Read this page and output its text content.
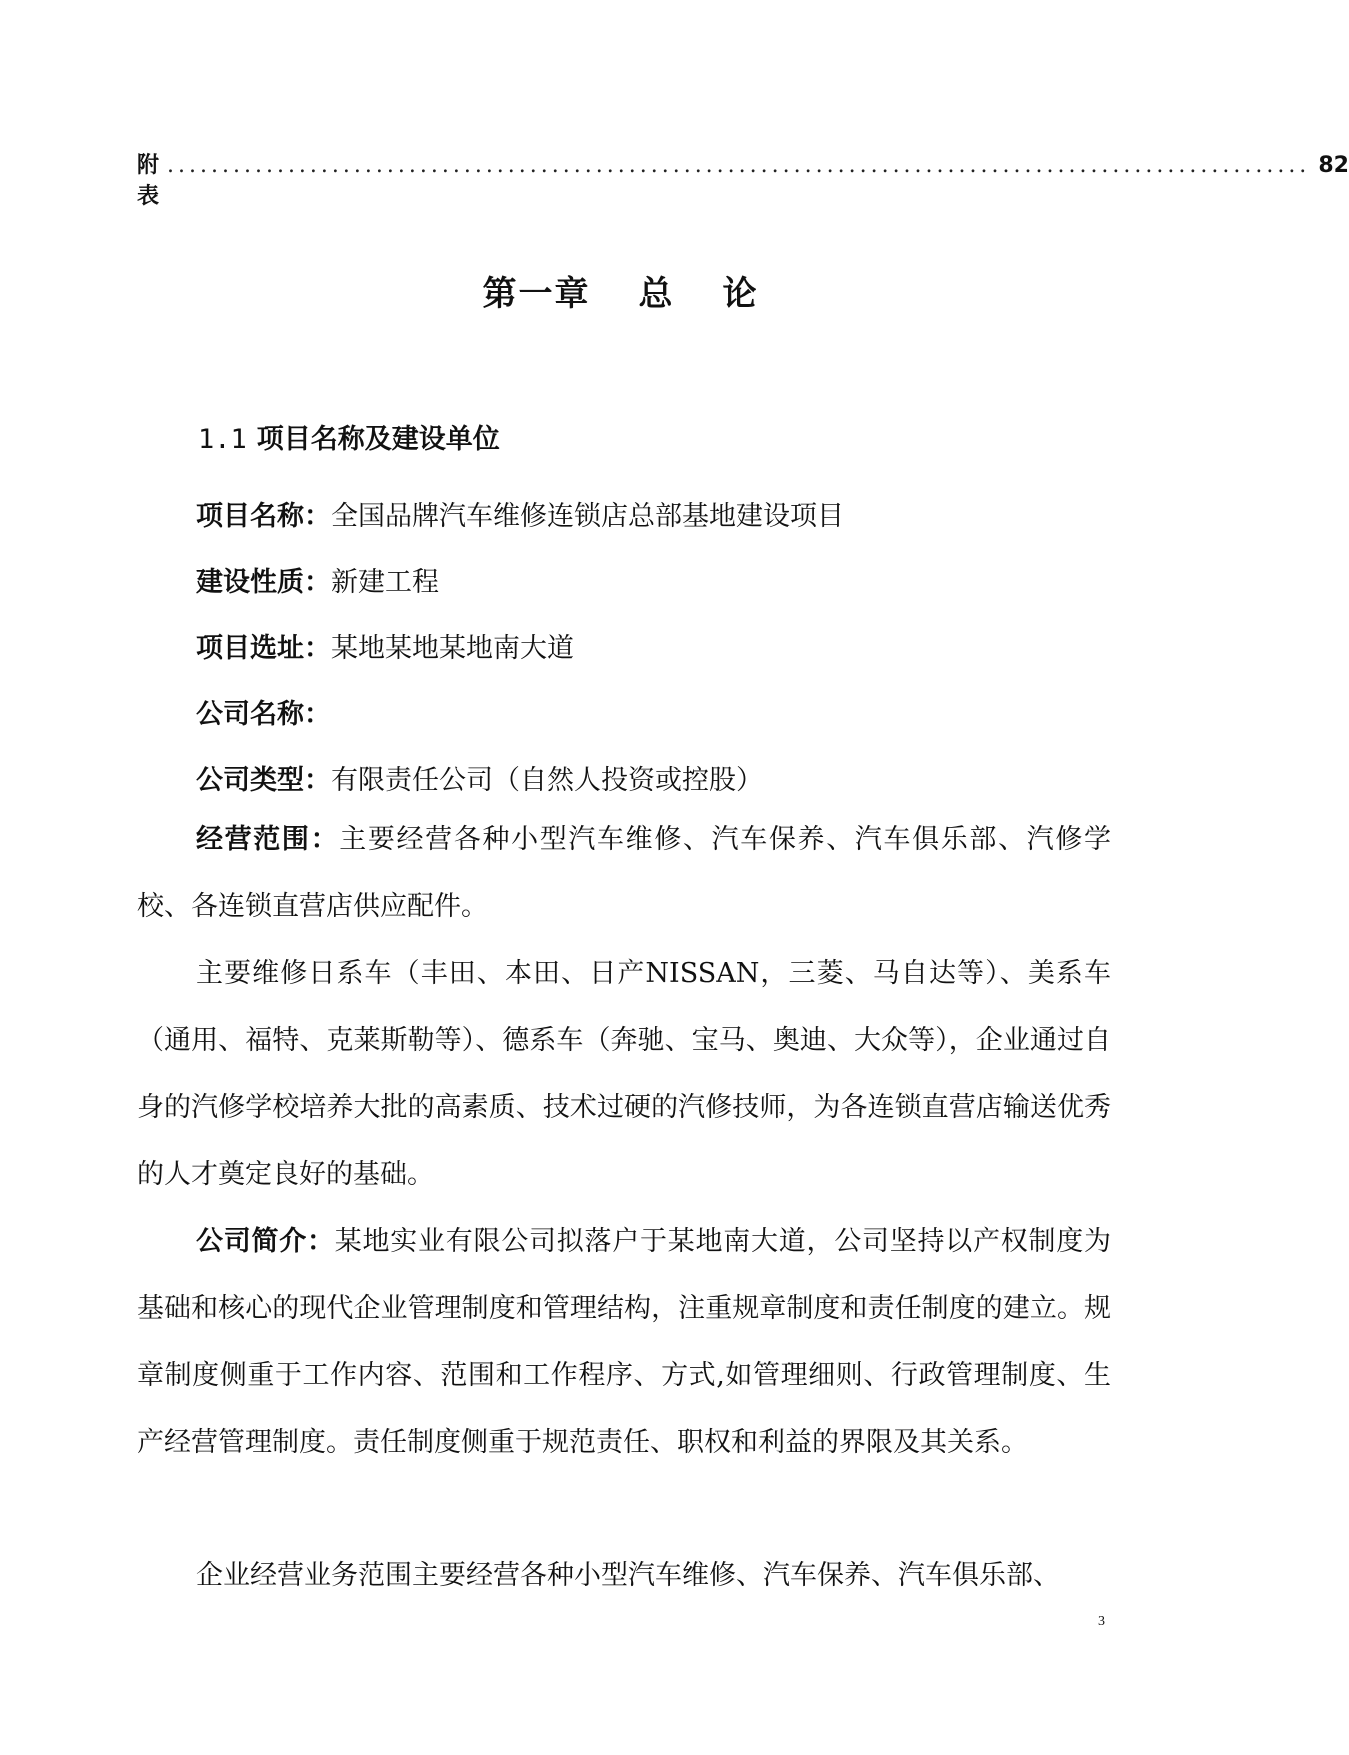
附表
........................................................................................................ 82
第一章 总 论
1.1 项目名称及建设单位
项目名称：全国品牌汽车维修连锁店总部基地建设项目
建设性质：新建工程
项目选址：某地某地某地南大道
公司名称：
公司类型：有限责任公司（自然人投资或控股）
经营范围：主要经营各种小型汽车维修、汽车保养、汽车俱乐部、汽修学校、各连锁直营店供应配件。
主要维修日系车（丰田、本田、日产NISSAN，三菱、马自达等）、美系车（通用、福特、克莱斯勒等）、德系车（奔驰、宝马、奥迪、大众等），企业通过自身的汽修学校培养大批的高素质、技术过硬的汽修技师，为各连锁直营店输送优秀的人才奠定良好的基础。
公司简介：某地实业有限公司拟落户于某地南大道，公司坚持以产权制度为基础和核心的现代企业管理制度和管理结构，注重规章制度和责任制度的建立。规章制度侧重于工作内容、范围和工作程序、方式,如管理细则、行政管理制度、生产经营管理制度。责任制度侧重于规范责任、职权和利益的界限及其关系。
企业经营业务范围主要经营各种小型汽车维修、汽车保养、汽车俱乐部、
3
